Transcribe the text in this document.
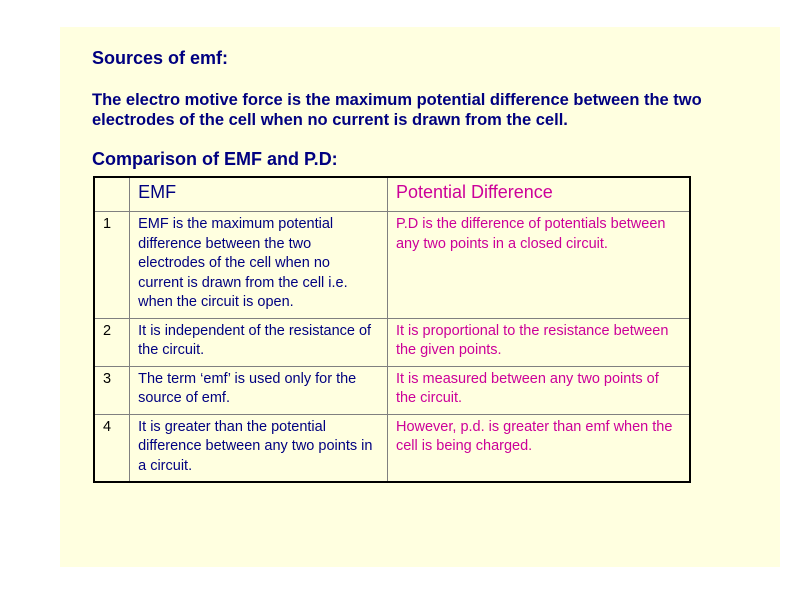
Sources of emf:
The electro motive force is the maximum potential difference between the two electrodes of the cell when no current is drawn from the cell.
Comparison of EMF and P.D:
	EMF	Potential Difference
1	EMF is the maximum potential difference between the two electrodes of the cell when no current is drawn from the cell i.e. when the circuit is open.	P.D is the difference of potentials between any two points in a closed circuit.
2	It is independent of the resistance of the circuit.	It is proportional to the resistance between the given points.
3	The term ‘emf’ is used only for the source of emf.	It is measured between any two points of the circuit.
4	It is greater than the potential difference between any two points in a circuit.	However, p.d. is greater than emf when the cell is being charged.
